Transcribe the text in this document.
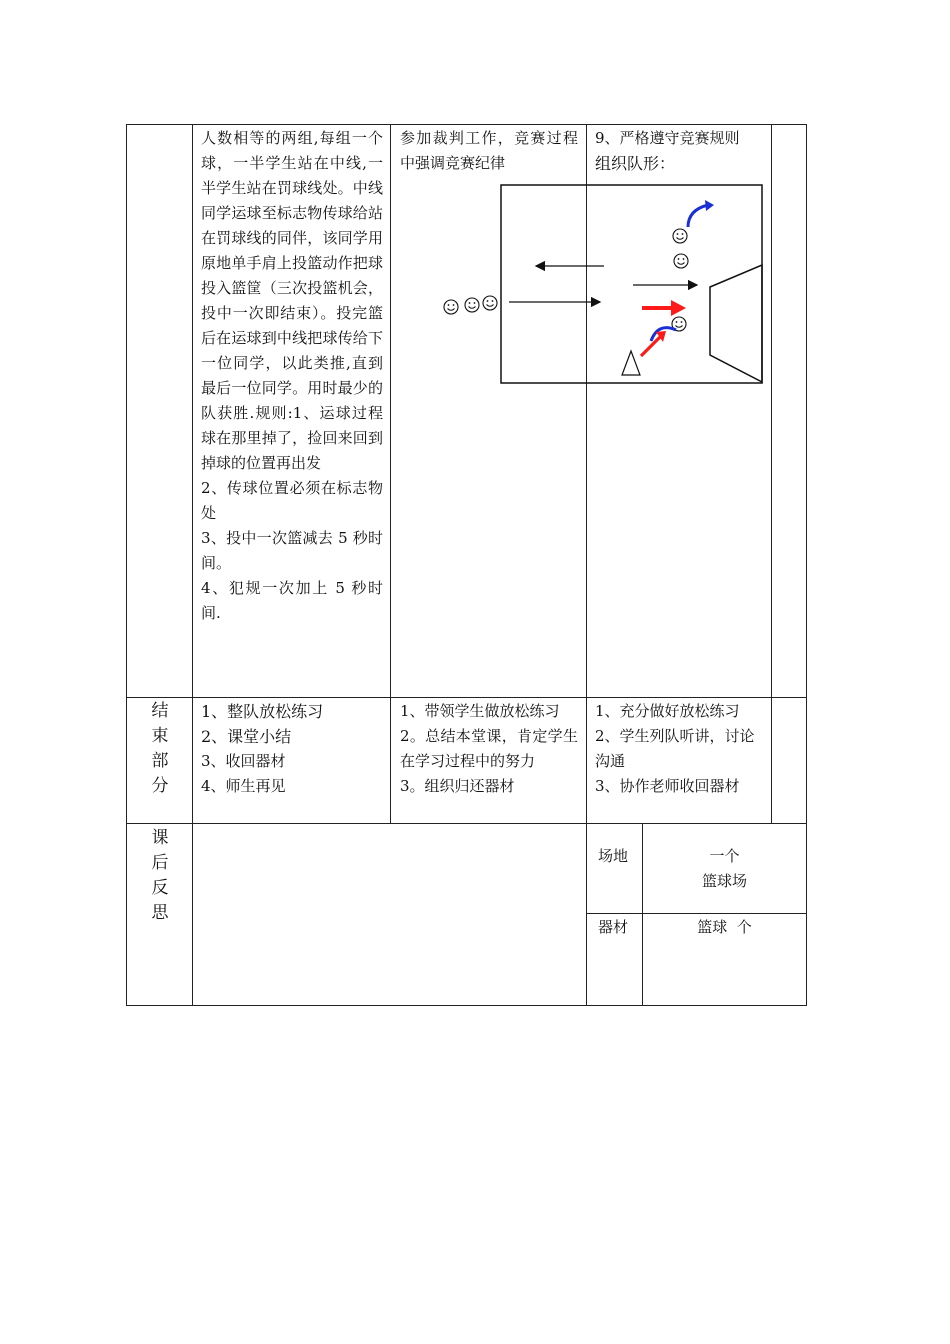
人数相等的两组,每组一个球，一半学生站在中线,一半学生站在罚球线处。中线同学运球至标志物传球给站在罚球线的同伴，该同学用原地单手肩上投篮动作把球投入篮筐（三次投篮机会，投中一次即结束）。投完篮后在运球到中线把球传给下一位同学，以此类推,直到最后一位同学。用时最少的队获胜.规则:1、运球过程球在那里掉了，捡回来回到掉球的位置再出发

2、传球位置必须在标志物处

3、投中一次篮减去 5 秒时间。

4、犯规一次加上 5 秒时间.

参加裁判工作，竞赛过程中强调竞赛纪律

9、严格遵守竞赛规则

组织队形：

结束部分

1、整队放松练习

2、课堂小结

3、收回器材

4、师生再见

1、带领学生做放松练习

2。总结本堂课，肯定学生在学习过程中的努力

3。组织归还器材

1、充分做好放松练习

2、学生列队听讲，讨论沟通

3、协作老师收回器材

课后反思

场地	一个
篮球场
器材	篮球  个
